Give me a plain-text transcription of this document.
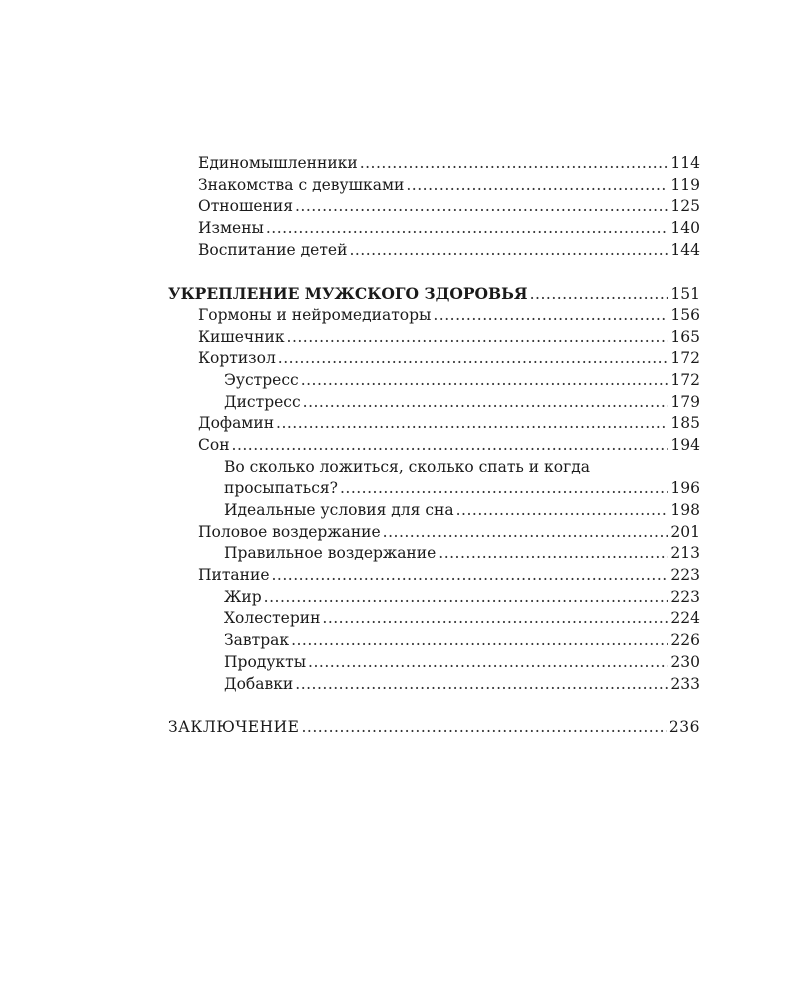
Единомышленники .....	114
Знакомства с девушками .....	119
Отношения .....	125
Измены .....	140
Воспитание детей .....	144
УКРЕПЛЕНИЕ МУЖСКОГО ЗДОРОВЬЯ .....	151
Гормоны и нейромедиаторы .....	156
Кишечник .....	165
Кортизол .....	172
Эустресс .....	172
Дистресс .....	179
Дофамин .....	185
Сон .....	194
Во сколько ложиться, сколько спать и когда
просыпаться? .....	196
Идеальные условия для сна .....	198
Половое воздержание .....	201
Правильное воздержание .....	213
Питание .....	223
Жир .....	223
Холестерин .....	224
Завтрак .....	226
Продукты .....	230
Добавки .....	233
ЗАКЛЮЧЕНИЕ .....	236
